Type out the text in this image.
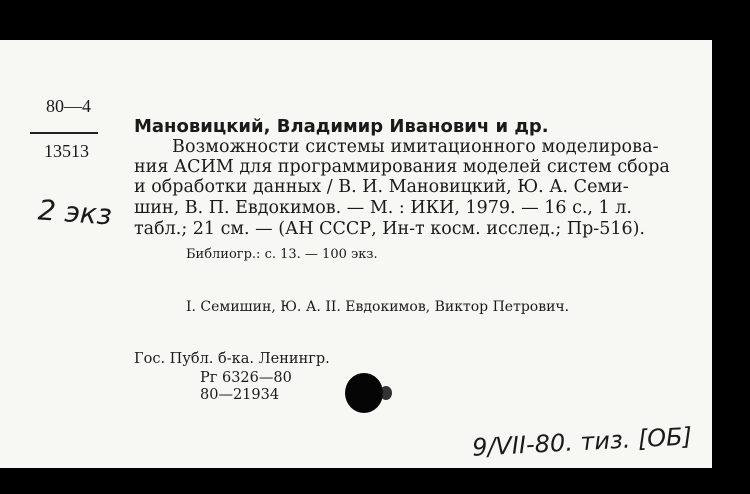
80—4
13513
2 экз
Мановицкий, Владимир Иванович и др.
Возможности системы имитационного моделирова-
ния АСИМ для программирования моделей систем сбора
и обработки данных / В. И. Мановицкий, Ю. А. Семи-
шин, В. П. Евдокимов. — М. : ИКИ, 1979. — 16 с., 1 л.
табл.; 21 см. — (АН СССР, Ин-т косм. исслед.; Пр-516).
Библиогр.: с. 13. — 100 экз.
I. Семишин, Ю. А. II. Евдокимов, Виктор Петрович.
Гос. Публ. б-ка. Ленингр.
Рг 6326—80
80—21934
9/VII-80. тиз. [OБ]
